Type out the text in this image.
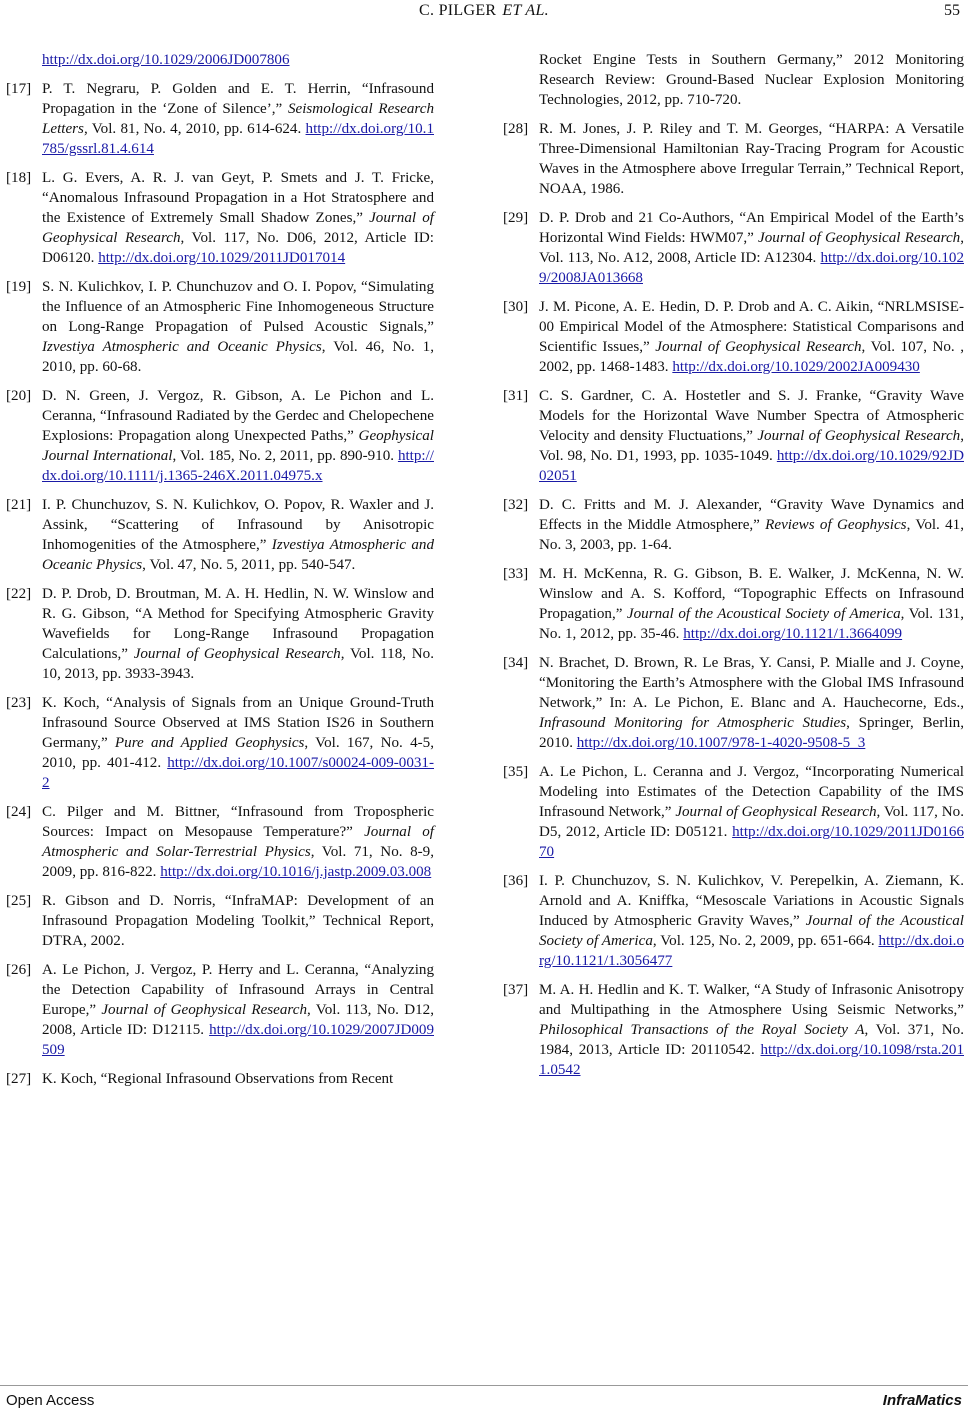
C. PILGER ET AL.	55
http://dx.doi.org/10.1029/2006JD007806
[17] P. T. Negraru, P. Golden and E. T. Herrin, “Infrasound Propagation in the ‘Zone of Silence’,” Seismological Research Letters, Vol. 81, No. 4, 2010, pp. 614-624. http://dx.doi.org/10.1785/gssrl.81.4.614
[18] L. G. Evers, A. R. J. van Geyt, P. Smets and J. T. Fricke, “Anomalous Infrasound Propagation in a Hot Stratosphere and the Existence of Extremely Small Shadow Zones,” Journal of Geophysical Research, Vol. 117, No. D06, 2012, Article ID: D06120. http://dx.doi.org/10.1029/2011JD017014
[19] S. N. Kulichkov, I. P. Chunchuzov and O. I. Popov, “Simulating the Influence of an Atmospheric Fine Inhomogeneous Structure on Long-Range Propagation of Pulsed Acoustic Signals,” Izvestiya Atmospheric and Oceanic Physics, Vol. 46, No. 1, 2010, pp. 60-68.
[20] D. N. Green, J. Vergoz, R. Gibson, A. Le Pichon and L. Ceranna, “Infrasound Radiated by the Gerdec and Chelopechene Explosions: Propagation along Unexpected Paths,” Geophysical Journal International, Vol. 185, No. 2, 2011, pp. 890-910. http://dx.doi.org/10.1111/j.1365-246X.2011.04975.x
[21] I. P. Chunchuzov, S. N. Kulichkov, O. Popov, R. Waxler and J. Assink, “Scattering of Infrasound by Anisotropic Inhomogenities of the Atmosphere,” Izvestiya Atmospheric and Oceanic Physics, Vol. 47, No. 5, 2011, pp. 540-547.
[22] D. P. Drob, D. Broutman, M. A. H. Hedlin, N. W. Winslow and R. G. Gibson, “A Method for Specifying Atmospheric Gravity Wavefields for Long-Range Infrasound Propagation Calculations,” Journal of Geophysical Research, Vol. 118, No. 10, 2013, pp. 3933-3943.
[23] K. Koch, “Analysis of Signals from an Unique Ground-Truth Infrasound Source Observed at IMS Station IS26 in Southern Germany,” Pure and Applied Geophysics, Vol. 167, No. 4-5, 2010, pp. 401-412. http://dx.doi.org/10.1007/s00024-009-0031-2
[24] C. Pilger and M. Bittner, “Infrasound from Tropospheric Sources: Impact on Mesopause Temperature?” Journal of Atmospheric and Solar-Terrestrial Physics, Vol. 71, No. 8-9, 2009, pp. 816-822. http://dx.doi.org/10.1016/j.jastp.2009.03.008
[25] R. Gibson and D. Norris, “InfraMAP: Development of an Infrasound Propagation Modeling Toolkit,” Technical Report, DTRA, 2002.
[26] A. Le Pichon, J. Vergoz, P. Herry and L. Ceranna, “Analyzing the Detection Capability of Infrasound Arrays in Central Europe,” Journal of Geophysical Research, Vol. 113, No. D12, 2008, Article ID: D12115. http://dx.doi.org/10.1029/2007JD009509
[27] K. Koch, “Regional Infrasound Observations from Recent
Rocket Engine Tests in Southern Germany,” 2012 Monitoring Research Review: Ground-Based Nuclear Explosion Monitoring Technologies, 2012, pp. 710-720.
[28] R. M. Jones, J. P. Riley and T. M. Georges, “HARPA: A Versatile Three-Dimensional Hamiltonian Ray-Tracing Program for Acoustic Waves in the Atmosphere above Irregular Terrain,” Technical Report, NOAA, 1986.
[29] D. P. Drob and 21 Co-Authors, “An Empirical Model of the Earth’s Horizontal Wind Fields: HWM07,” Journal of Geophysical Research, Vol. 113, No. A12, 2008, Article ID: A12304. http://dx.doi.org/10.1029/2008JA013668
[30] J. M. Picone, A. E. Hedin, D. P. Drob and A. C. Aikin, “NRLMSISE-00 Empirical Model of the Atmosphere: Statistical Comparisons and Scientific Issues,” Journal of Geophysical Research, Vol. 107, No. , 2002, pp. 1468-1483. http://dx.doi.org/10.1029/2002JA009430
[31] C. S. Gardner, C. A. Hostetler and S. J. Franke, “Gravity Wave Models for the Horizontal Wave Number Spectra of Atmospheric Velocity and density Fluctuations,” Journal of Geophysical Research, Vol. 98, No. D1, 1993, pp. 1035-1049. http://dx.doi.org/10.1029/92JD02051
[32] D. C. Fritts and M. J. Alexander, “Gravity Wave Dynamics and Effects in the Middle Atmosphere,” Reviews of Geophysics, Vol. 41, No. 3, 2003, pp. 1-64.
[33] M. H. McKenna, R. G. Gibson, B. E. Walker, J. McKenna, N. W. Winslow and A. S. Kofford, “Topographic Effects on Infrasound Propagation,” Journal of the Acoustical Society of America, Vol. 131, No. 1, 2012, pp. 35-46. http://dx.doi.org/10.1121/1.3664099
[34] N. Brachet, D. Brown, R. Le Bras, Y. Cansi, P. Mialle and J. Coyne, “Monitoring the Earth’s Atmosphere with the Global IMS Infrasound Network,” In: A. Le Pichon, E. Blanc and A. Hauchecorne, Eds., Infrasound Monitoring for Atmospheric Studies, Springer, Berlin, 2010. http://dx.doi.org/10.1007/978-1-4020-9508-5_3
[35] A. Le Pichon, L. Ceranna and J. Vergoz, “Incorporating Numerical Modeling into Estimates of the Detection Capability of the IMS Infrasound Network,” Journal of Geophysical Research, Vol. 117, No. D5, 2012, Article ID: D05121. http://dx.doi.org/10.1029/2011JD016670
[36] I. P. Chunchuzov, S. N. Kulichkov, V. Perepelkin, A. Ziemann, K. Arnold and A. Kniffka, “Mesoscale Variations in Acoustic Signals Induced by Atmospheric Gravity Waves,” Journal of the Acoustical Society of America, Vol. 125, No. 2, 2009, pp. 651-664. http://dx.doi.org/10.1121/1.3056477
[37] M. A. H. Hedlin and K. T. Walker, “A Study of Infrasonic Anisotropy and Multipathing in the Atmosphere Using Seismic Networks,” Philosophical Transactions of the Royal Society A, Vol. 371, No. 1984, 2013, Article ID: 20110542. http://dx.doi.org/10.1098/rsta.2011.0542
Open Access	InfraMatics
